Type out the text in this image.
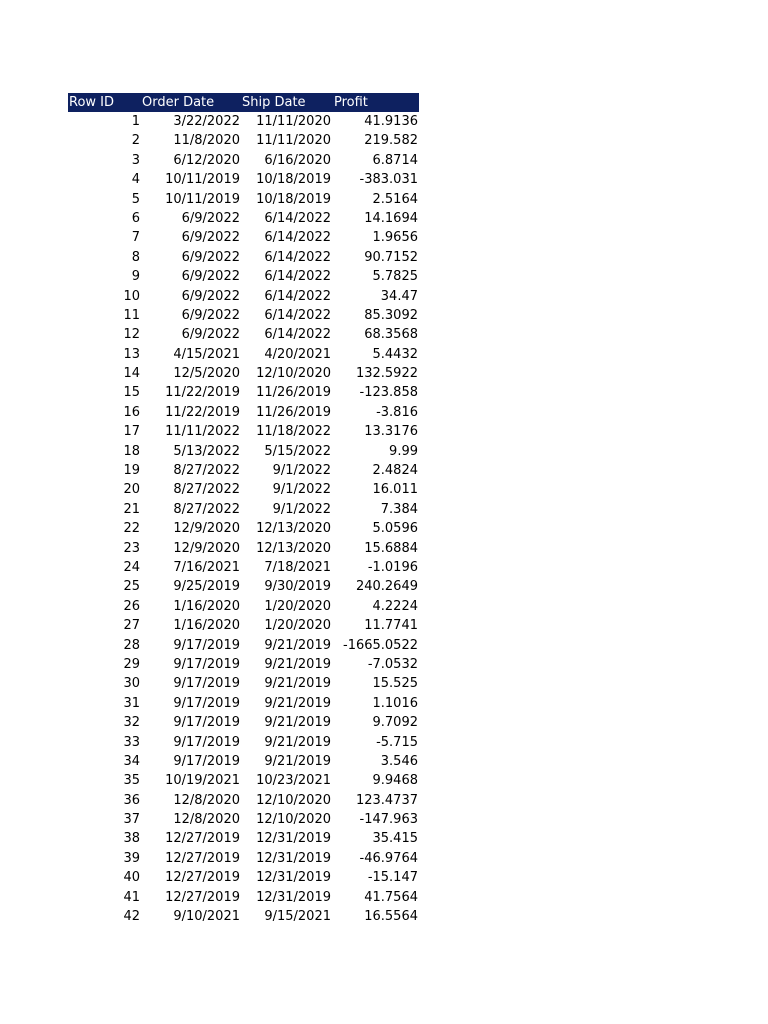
Row ID	Order Date	Ship Date	Profit
1	3/22/2022	11/11/2020	41.9136
2	11/8/2020	11/11/2020	219.582
3	6/12/2020	6/16/2020	6.8714
4	10/11/2019	10/18/2019	-383.031
5	10/11/2019	10/18/2019	2.5164
6	6/9/2022	6/14/2022	14.1694
7	6/9/2022	6/14/2022	1.9656
8	6/9/2022	6/14/2022	90.7152
9	6/9/2022	6/14/2022	5.7825
10	6/9/2022	6/14/2022	34.47
11	6/9/2022	6/14/2022	85.3092
12	6/9/2022	6/14/2022	68.3568
13	4/15/2021	4/20/2021	5.4432
14	12/5/2020	12/10/2020	132.5922
15	11/22/2019	11/26/2019	-123.858
16	11/22/2019	11/26/2019	-3.816
17	11/11/2022	11/18/2022	13.3176
18	5/13/2022	5/15/2022	9.99
19	8/27/2022	9/1/2022	2.4824
20	8/27/2022	9/1/2022	16.011
21	8/27/2022	9/1/2022	7.384
22	12/9/2020	12/13/2020	5.0596
23	12/9/2020	12/13/2020	15.6884
24	7/16/2021	7/18/2021	-1.0196
25	9/25/2019	9/30/2019	240.2649
26	1/16/2020	1/20/2020	4.2224
27	1/16/2020	1/20/2020	11.7741
28	9/17/2019	9/21/2019 -1665.0522
29	9/17/2019	9/21/2019	-7.0532
30	9/17/2019	9/21/2019	15.525
31	9/17/2019	9/21/2019	1.1016
32	9/17/2019	9/21/2019	9.7092
33	9/17/2019	9/21/2019	-5.715
34	9/17/2019	9/21/2019	3.546
35	10/19/2021	10/23/2021	9.9468
36	12/8/2020	12/10/2020	123.4737
37	12/8/2020	12/10/2020	-147.963
38	12/27/2019	12/31/2019	35.415
39	12/27/2019	12/31/2019	-46.9764
40	12/27/2019	12/31/2019	-15.147
41	12/27/2019	12/31/2019	41.7564
42	9/10/2021	9/15/2021	16.5564
